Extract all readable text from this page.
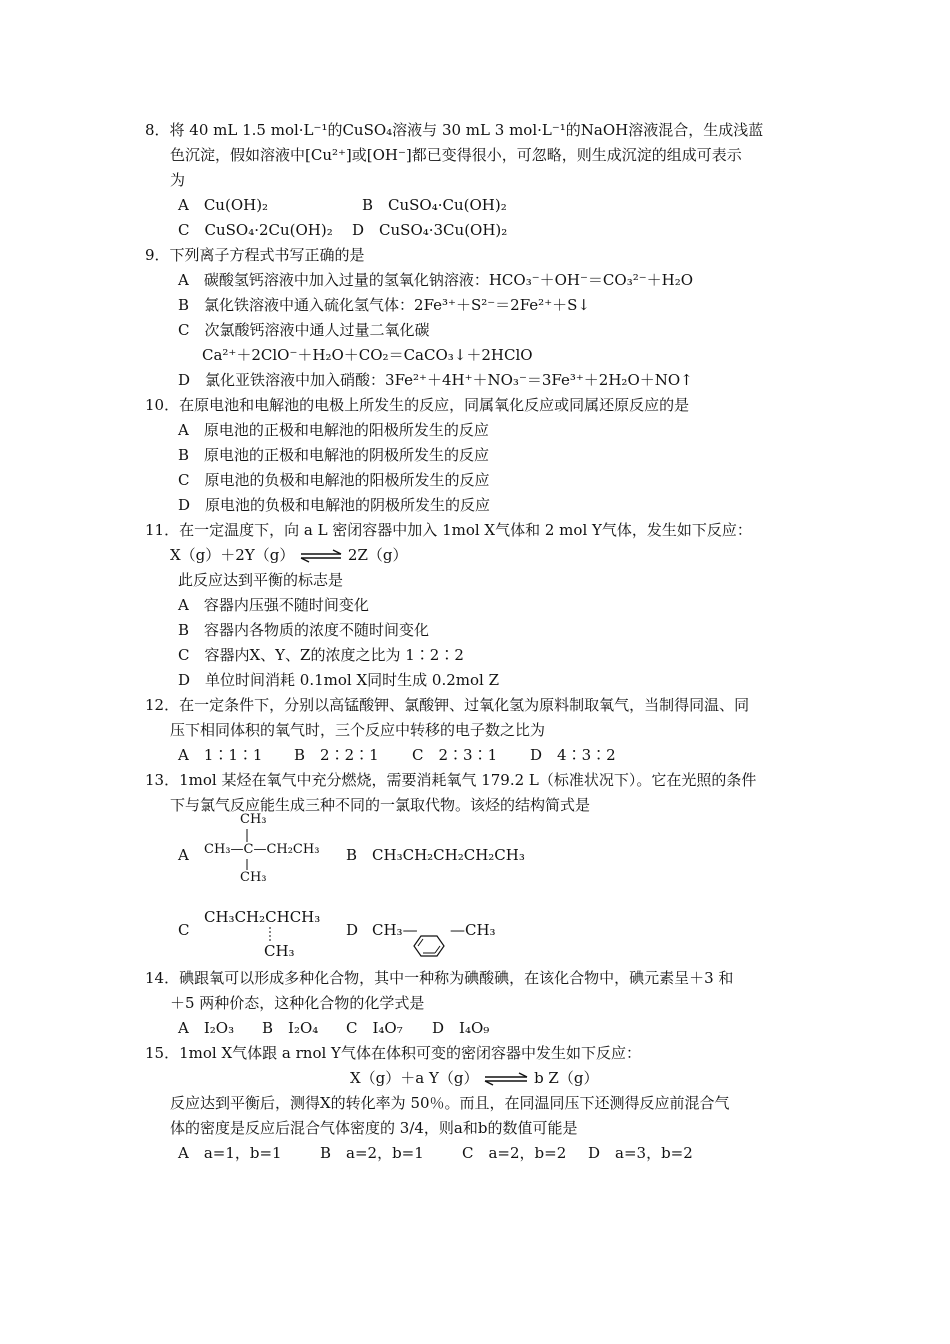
8．将 40 mL 1.5 mol·L⁻¹的CuSO₄溶液与 30 mL 3 mol·L⁻¹的NaOH溶液混合，生成浅蓝
色沉淀，假如溶液中[Cu²⁺]或[OH⁻]都已变得很小，可忽略，则生成沉淀的组成可表示
为
A　Cu(OH)₂	B　CuSO₄·Cu(OH)₂
C　CuSO₄·2Cu(OH)₂ D　CuSO₄·3Cu(OH)₂
9．下列离子方程式书写正确的是
A　碳酸氢钙溶液中加入过量的氢氧化钠溶液：HCO₃⁻＋OH⁻＝CO₃²⁻＋H₂O
B　氯化铁溶液中通入硫化氢气体：2Fe³⁺＋S²⁻＝2Fe²⁺＋S↓
C　次氯酸钙溶液中通人过量二氧化碳
Ca²⁺＋2ClO⁻＋H₂O＋CO₂＝CaCO₃↓＋2HClO
D　氯化亚铁溶液中加入硝酸：3Fe²⁺＋4H⁺＋NO₃⁻＝3Fe³⁺＋2H₂O＋NO↑
10．在原电池和电解池的电极上所发生的反应，同属氧化反应或同属还原反应的是
A　原电池的正极和电解池的阳极所发生的反应
B　原电池的正极和电解池的阴极所发生的反应
C　原电池的负极和电解池的阳极所发生的反应
D　原电池的负极和电解池的阴极所发生的反应
11．在一定温度下，向 a L 密闭容器中加入 1mol X气体和 2 mol Y气体，发生如下反应：
X（g）＋2Y（g） ⇌ 2Z（g）
此反应达到平衡的标志是
A　容器内压强不随时间变化
B　容器内各物质的浓度不随时间变化
C　容器内X、Y、Z的浓度之比为 1∶2∶2
D　单位时间消耗 0.1mol X同时生成 0.2mol Z
12．在一定条件下，分别以高锰酸钾、氯酸钾、过氧化氢为原料制取氧气，当制得同温、同
压下相同体积的氧气时，三个反应中转移的电子数之比为
A　1∶1∶1 B　2∶2∶1 C　2∶3∶1 D　4∶3∶2
13．1mol 某烃在氧气中充分燃烧，需要消耗氧气 179.2 L（标准状况下）。它在光照的条件
下与氯气反应能生成三种不同的一氯取代物。该烃的结构简式是
A
CH₃
CH₃—C—CH₂CH₃
CH₃
B　CH₃CH₂CH₂CH₂CH₃
C
CH₃CH₂CHCH₃
CH₃
D CH₃— —CH₃
14．碘跟氧可以形成多种化合物，其中一种称为碘酸碘，在该化合物中，碘元素呈＋3 和
＋5 两种价态，这种化合物的化学式是
A　I₂O₃ B　I₂O₄ C　I₄O₇ D　I₄O₉
15．1mol X气体跟 a rnol Y气体在体积可变的密闭容器中发生如下反应：
X（g）＋a Y（g） ⇌ b Z（g）
反应达到平衡后，测得X的转化率为 50％。而且，在同温同压下还测得反应前混合气
体的密度是反应后混合气体密度的 3/4，则a和b的数值可能是
A　a=1，b=1	B　a=2，b=1	C　a=2，b=2 D　a=3，b=2
